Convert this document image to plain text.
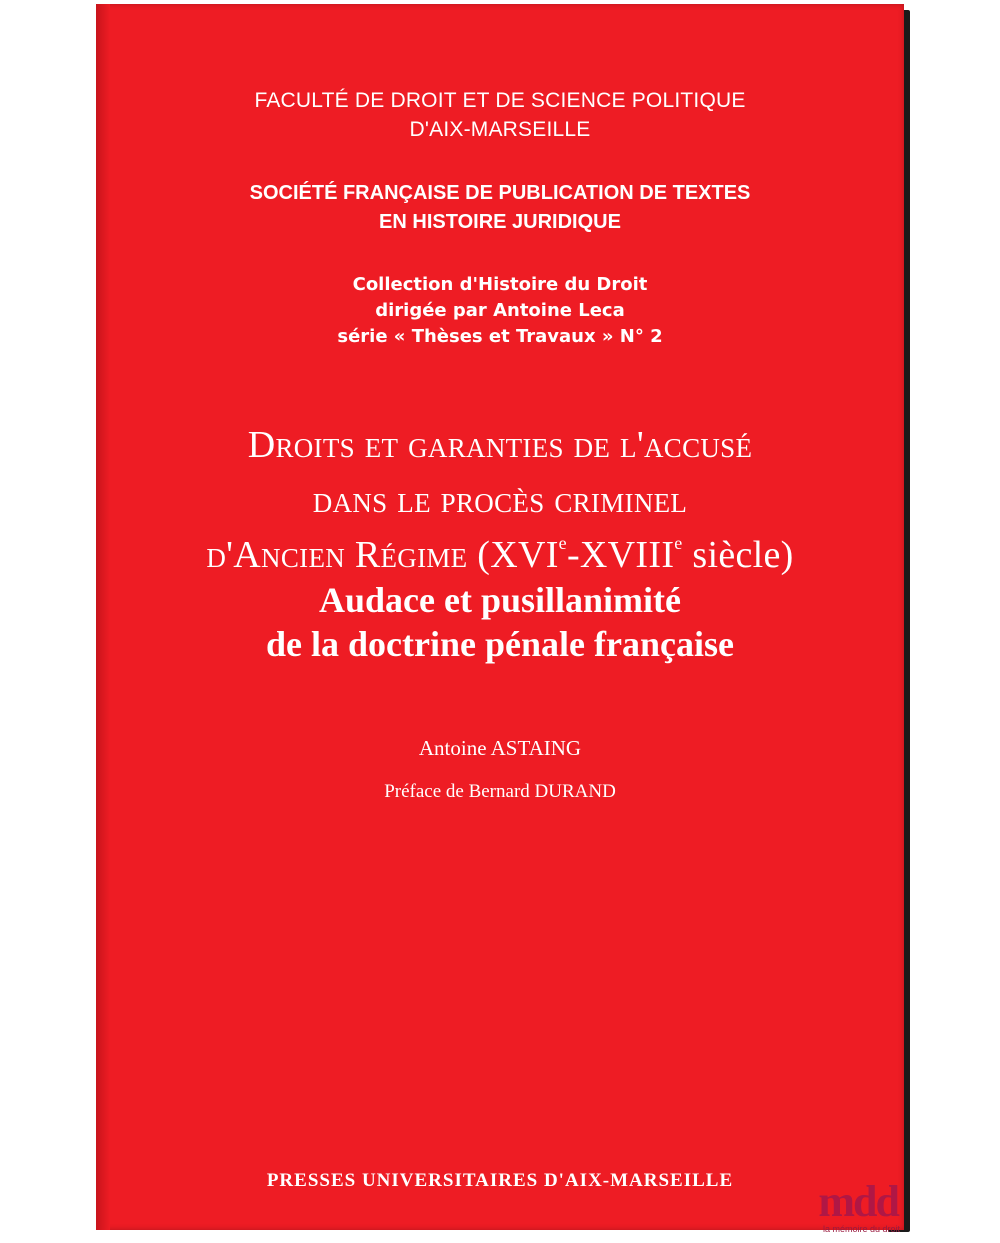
FACULTÉ DE DROIT ET DE SCIENCE POLITIQUE
D'AIX-MARSEILLE
SOCIÉTÉ FRANÇAISE DE PUBLICATION DE TEXTES
EN HISTOIRE JURIDIQUE
Collection d'Histoire du Droit
dirigée par Antoine Leca
série « Thèses et Travaux » N° 2
Droits et garanties de l'accusé
dans le procès criminel
d'Ancien Régime (XVIe-XVIIIe siècle)
Audace et pusillanimité
de la doctrine pénale française
Antoine ASTAING
Préface de Bernard DURAND
PRESSES UNIVERSITAIRES D'AIX-MARSEILLE	mdd
la mémoire du droit
